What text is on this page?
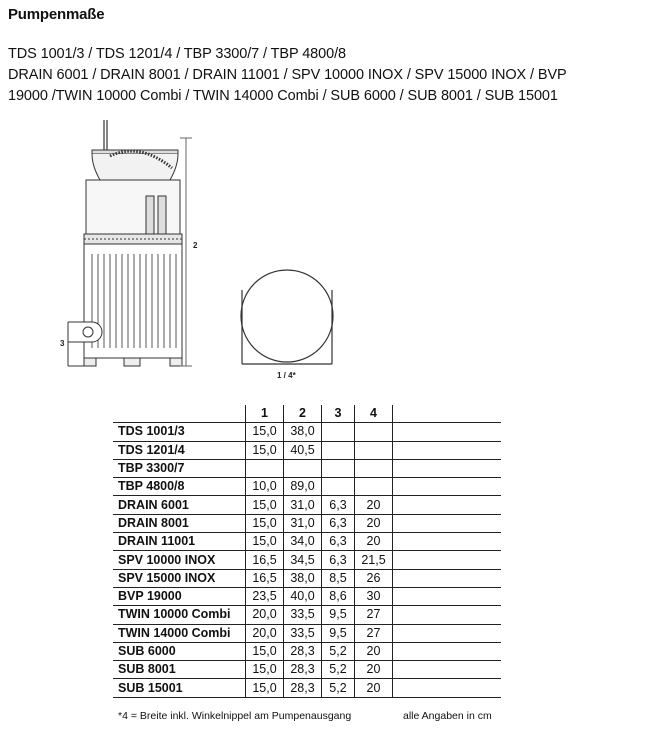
Pumpenmaße
TDS 1001/3 / TDS 1201/4 / TBP 3300/7 / TBP 4800/8
DRAIN 6001 / DRAIN 8001 / DRAIN 11001 / SPV 10000 INOX / SPV 15000 INOX / BVP
19000 /TWIN 10000 Combi / TWIN 14000 Combi / SUB 6000 / SUB 8001 / SUB 15001
2
3
1 / 4*
	1	2	3	4	
TDS 1001/3	15,0	38,0			
TDS 1201/4	15,0	40,5			
TBP 3300/7					
TBP 4800/8	10,0	89,0			
DRAIN 6001	15,0	31,0	6,3	20	
DRAIN 8001	15,0	31,0	6,3	20	
DRAIN 11001	15,0	34,0	6,3	20	
SPV 10000 INOX	16,5	34,5	6,3	21,5	
SPV 15000 INOX	16,5	38,0	8,5	26	
BVP 19000	23,5	40,0	8,6	30	
TWIN 10000 Combi	20,0	33,5	9,5	27	
TWIN 14000 Combi	20,0	33,5	9,5	27	
SUB 6000	15,0	28,3	5,2	20	
SUB 8001	15,0	28,3	5,2	20	
SUB 15001	15,0	28,3	5,2	20	
*4 = Breite inkl. Winkelnippel am Pumpenausgang	alle Angaben in cm
